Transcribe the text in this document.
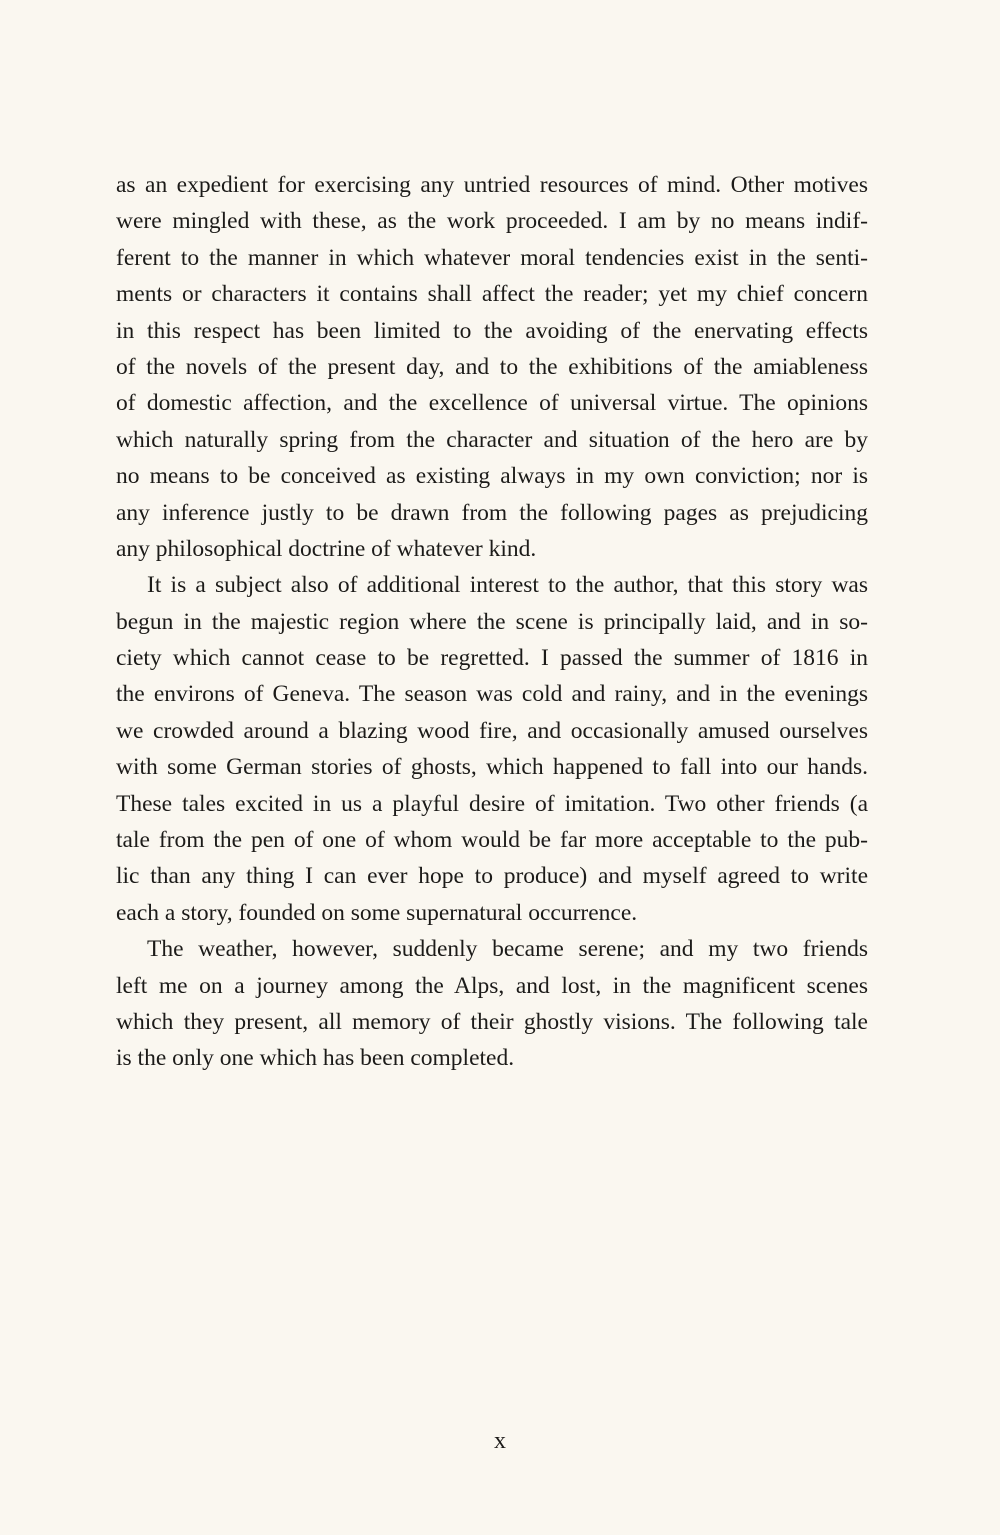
as an expedient for exercising any untried resources of mind. Other motives
were mingled with these, as the work proceeded. I am by no means indif-
ferent to the manner in which whatever moral tendencies exist in the senti-
ments or characters it contains shall affect the reader; yet my chief concern
in this respect has been limited to the avoiding of the enervating effects
of the novels of the present day, and to the exhibitions of the amiableness
of domestic affection, and the excellence of universal virtue. The opinions
which naturally spring from the character and situation of the hero are by
no means to be conceived as existing always in my own conviction; nor is
any inference justly to be drawn from the following pages as prejudicing
any philosophical doctrine of whatever kind.
It is a subject also of additional interest to the author, that this story was
begun in the majestic region where the scene is principally laid, and in so-
ciety which cannot cease to be regretted. I passed the summer of 1816 in
the environs of Geneva. The season was cold and rainy, and in the evenings
we crowded around a blazing wood fire, and occasionally amused ourselves
with some German stories of ghosts, which happened to fall into our hands.
These tales excited in us a playful desire of imitation. Two other friends (a
tale from the pen of one of whom would be far more acceptable to the pub-
lic than any thing I can ever hope to produce) and myself agreed to write
each a story, founded on some supernatural occurrence.
The weather, however, suddenly became serene; and my two friends
left me on a journey among the Alps, and lost, in the magnificent scenes
which they present, all memory of their ghostly visions. The following tale
is the only one which has been completed.
x
